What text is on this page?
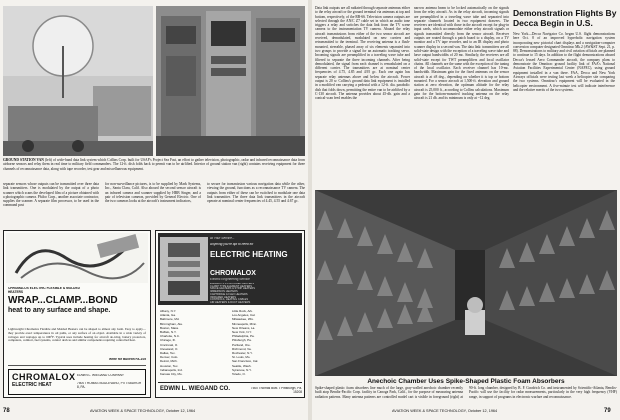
GROUND STATION VAN (left) of wide-band data link system which Collins Corp. built for USAF's Project Sea Fast, an effort to gather television, photographic, radar and infrared reconnaissance data from airborne sensors and relay them in real time to military field commanders. The 12-ft. dish folds back to permit van to be airlifted. Interior of ground station van (right) contains receiving equipment for three channels of reconnaissance data, along with tape recorder, test gear and miscellaneous equipment.
separate sensors whose outputs can be transmitted over three data link transmitters. One is modulated by the output of a photo scanner which scans the developed film of a picture obtained with a photographic camera. Philco Corp., another associate contractor, supplies the scanner. A separate film processor, to be used in the command post
for non-surveillance pictures, is to be supplied by Mark Systems, Inc., Santa Clara, Calif. Also aboard the second sensor aircraft is an infrared camera and scanner supplied by HRB Singer, and a pair of television cameras, provided by General Electric. One of the two cameras looks at the aircraft's instrument indicators,
to secure for transmission various navigation data while the other, viewing the ground, functions as a reconnaissance TV camera. The outputs from either of these can be switched to modulate one data link transmitter. The three data link transmitters in the aircraft operate at nominal center frequencies of 4.45, 4.55 and 4.67 gc.
CHROMALOX ELECTRIC FLEXIBLE & MOLDED HEATERS
WRAP...CLAMP...BOND
heat to any surface and shape.
Lightweight Chromalox Flexible and Molded Heaters can be shaped to almost any form. Easy to apply—they provide exact temperatures in oil paths, or any surface of an object. Available in a wide variety of voltages and wattages up to 600°F. Typical uses include heating for aircraft de-icing, battery protectors, computers, comfort, fuel systems, control devices and similar components requiring controlled heat.
Write for Bulletin FA-105
CHROMALOX
ELECTRIC HEAT
EDWIN L. WIEGAND COMPANY
7500 THOMAS BOULEVARD, PITTSBURGH 8, PA.
At Your Service...
Anything you're apt to need for
ELECTRIC HEATING
CHROMALOX
Electric Engineering Service
ELEMENTS & PACKAGED HEATERS
CLAMP TYPE ELEMENT HEATERS
SPACE HEATERS & STRIP HEATERS
IMMERSION HEATERS
CARTRIDGE & FLEX HEATERS
INFRARED HEATERS
CONTROLS, HEATING CABLES
AIR HEATERS & DUCT HEATERS
Albany, N.Y.
Atlanta, Ga.
Baltimore, Md.
Birmingham, Ala.
Boston, Mass.
Buffalo, N.Y.
Charlotte, N.C.
Chicago, Ill.
Cincinnati, O.
Cleveland, O.
Dallas, Tex.
Denver, Colo.
Detroit, Mich.
Houston, Tex.
Indianapolis, Ind.
Kansas City, Mo.
Little Rock, Ark.
Los Angeles, Cal.
Milwaukee, Wis.
Minneapolis, Minn.
New Orleans, La.
New York, N.Y.
Philadelphia, Pa.
Pittsburgh, Pa.
Portland, Ore.
Richmond, Va.
Rochester, N.Y.
St. Louis, Mo.
San Francisco, Cal.
Seattle, Wash.
Syracuse, N.Y.
Toledo, O.
EDWIN L. WIEGAND CO.	7500 Thomas Blvd. • Pittsburgh, Pa. 15208
78	AVIATION WEEK & SPACE TECHNOLOGY, October 12, 1964
Data link outputs are all radiated through separate antennas either to the relay aircraft or the ground terminal via antennas at top and bottom, respectively, of the RB-66. Television camera outputs are selected through the AN/C Z7 cable set in which an audio tone triggers a relay and switches the data link from the TV scene camera to the instrumentation TV camera. Aboard the relay aircraft transmissions from either of the two sensor aircraft are received, demodulated, modulated on new carriers and retransmitted to the terminal. The receiving antenna is a flush-mounted, steerable, phased array of six elements separated into two groups to provide a signal for an automatic tracking servo. Incoming signals are preamplified in a traveling wave tube and filtered to separate the three incoming channels. After being demodulated, the signal from each channel is remodulated on a different carrier. The transmitters are at nominal center frequencies of 4.75, 4.85 and 4.95 gc. Each one again has separate relay antennas above and below the aircraft. Power output is 20 w. Collins's ground data link equipment is installed in a modified van carrying a pedestal with a 12-ft. dia. parabolic dish that folds down, permitting the entire van to be airlifted by a C-130 aircraft. The antenna provides about 45-db. gain and a conical-scan feed enables the
narrow antenna beam to be locked automatically on the signals from the relay aircraft. As in the relay aircraft, incoming signals are preamplified in a traveling wave tube and separated into separate channels located in two equipment drawers. The receivers are identical with those in the aircraft except for plug-in input cards, which accommodate either relay aircraft signals or signals transmitted directly from the sensor aircraft. Receiver outputs are routed through a patch board to a display, on a TV monitor and a TV tape recorder, and to an IR display and photo scanner display in a second van. The data link: transmitters are all solid-state design with the exception of a traveling wave tube and have output bandwidths of 20 mc. Similarly, the receivers are all solid-state except for TWT preamplifiers and local oscillator chains. All channels are the same with the exception of the tuning of the local oscillator. Each receiver channel has 10-mc. bandwidth. Maximum gain for the fixed antennas on the sensor aircraft is at ±8 deg., depending on whether it is top or bottom mounted. For a sensor aircraft at 1,500-ft. elevation and ground station at zero elevation, the optimum altitude for the relay aircraft is 25,000 ft., according to Collins calculations. Maximum gain for the bottom-mounted tracking antenna on the relay aircraft is 21 db. and its minimum is only at ~12 deg.
Demonstration Flights By Decca Begin in U.S.
New York—Decca Navigator Co. began U.S. flight demonstrations here Oct. 8 of an improved hyperbolic navigation system incorporating new pictorial chart displays and a navigation-computer conversion computer designated Omnitrac Mk.2 (AW&ST Sept. 21, p. 88). Demonstrations to military and civil aviation officials are planned to continue to 15 days. In addition to the flight demonstrations aboard Decca's leased Aero Commander aircraft, the company plans to demonstrate the Omnitrac ground facility link of FAA's National Aviation Facilities Experimental Center (NAFEC), using ground equipment installed in a van there. FAA, Decca and New York Airways officials were testing last week a helicopter site comparing the two systems. Omnitrac's equipment will be evaluated in the helicopter environment. A five-minute test will indicate interference and the relative merits of the two systems.
Anechoic Chamber Uses Spike-Shaped Plastic Foam Absorbers
Spike-shaped plastic foam absorbers line much of the large, gray-walled anechoic chamber recently built atop Bendix-Pacific Corp. facility in Canoga Park, Calif., for the purpose of measuring antenna radiation patterns. Many antenna patterns are controlled model cart is visible in foreground (right) at 90-ft. long chamber, designed by B. F. Goodrich Co. and instrumented by Scientific-Atlanta, Bendix-Pacific will use the facility for radar measurements, particularly in the very high frequency (VHF) range, in support of programs in electronic warfare and reconnaissance.
AVIATION WEEK & SPACE TECHNOLOGY, October 12, 1964	79
